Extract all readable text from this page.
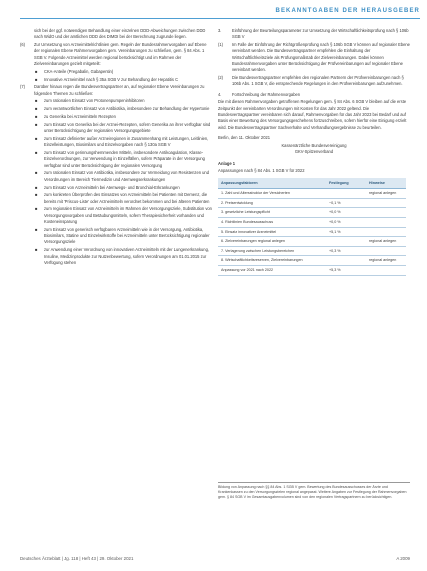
BEKANNTGABEN DER HERAUSGEBER

sich bei der ggf. notwendigen Behandlung einer einzelnen DDD-Abweichungen zwischen DDD nach WidO und der amtlichen DDD des DIMDI bei der Berechnung zugrunde liegen.

(6)	Zur Umsetzung von Arzneimittelrichtlinien gem. Regeln der Bundesrahmenvorgaben auf Ebene der regionalen Ebene Rahmenvorgaben gem. Vereinbarungen zu schließen, gem. § 84 Abs. 1 SGB V. Folgende Arzneimittel werden regional berücksichtigt und im Rahmen der Zielvereinbarungen gezielt mitgeteilt:
■ CKA-Anteile (Pregabalin, Gabapentin)
■ Innovative Arzneimittel nach § 35a SGB V zur Behandlung der Hepatitis C
(7)	Darüber hinaus regen die Bundesvertragspartner an, auf regionaler Ebene Vereinbarungen zu folgenden Themen zu schließen:
■ zum rationalen Einsatz von Protonenpumpeninhibitoren
■ zum verantwortlichen Einsatz von Antibiotika, insbesondere zur Behandlung der Hypertonie
■ zu Generika bei Arzneimitteln Rezepten
■ zum Einsatz von Generika bei der Arznei-Rezepten, sofern Generika an ihrer verfügbar sind unter Berücksichtigung der regionalen Versorgungsgebiete
■ zum Einsatz definierter außer Arzneiregionen in Zusammenhang mit Leistungen, Leitlinien, Einzelleistungen, Biosimilars und Einzelvorgaben nach § 130a SGB V
■ zum Einsatz von gerinnungshemmenden Mitteln, insbesondere Antikoagulation, Klasse-Einzelverordnungen, zur Verwendung in Einzelfällen, sofern Präparate in der Versorgung verfügbar sind unter Berücksichtigung der regionalen Versorgung
■ zum rationalen Einsatz von Antibiotika, insbesondere zur Vermeidung von Resistenzen und Verordnungen im Bereich Tiermedizin und Atemwegserkrankungen
■ zum Einsatz von Arzneimitteln bei Atemwegs- und Bronchial-Erkrankungen
■ zum konkreten Überprüfen des Einsatzes von Arzneimitteln bei Patienten mit Demenz, die bereits mit 'Priscus-Liste' oder Arzneimitteln verordnet bekommen und bei älteren Patienten
■ zum regionalen Einsatz von Arzneimitteln im Rahmen der Versorgungsziele, Substitution von Versorgungsvorgaben und Betäubungsmitteln, sofern Therapiesicherheit vorhanden und Kosteneinsparung
■ zum Einsatz von generisch verfügbaren Arzneimitteln wie in der Versorgung, Antibiotika, Biosimilars, Statine und Einzelwirkstoffe bei Arzneimitteln unter Berücksichtigung regionaler Versorgungsziele
■ zur Anwendung einer Verordnung von innovativen Arzneimitteln mit der Lungenerkrankung, Insuline, Medizinprodukte zur Nutzenbewertung, sofern Verordnungen am 01.01.2015 zur Verfügung stehen
3.	Einführung der Beurteilungsparameter zur Umsetzung der Wirtschaftlichkeitsprüfung nach § 106b SGB V
(1)	Im Falle der Einführung der Richtgrößenprüfung nach § 106b SGB V können auf regionaler Ebene vereinbart werden. Die Bundesvertragspartner empfehlen die Einhaltung der Wirtschaftlichkeitsziele als Prüfungsmaßstab der Zielvereinbarungen. Dabei können Bundesrahmenvorgaben unter Berücksichtigung der Prüfvereinbarungen auf regionaler Ebene vereinbart werden.
(2)	Die Bundesvertragspartner empfehlen den regionalen Partnern der Prüfvereinbarungen nach § 106b Abs. 1 SGB V, die entsprechende Regelungen in den Prüfvereinbarungen aufzunehmen.
4.	Fortschreibung der Rahmenvorgaben

Die mit diesen Rahmenvorgaben getroffenen Regelungen gem. § 84 Abs. 6 SGB V bleiben auf die erste Zeitpunkt der vereinbarten Verordnungen mit Kosten für das Jahr 2022 geltend. Die Bundesvertragspartner vereinbaren sich darauf, Rahmenvorgaben für das Jahr 2023 bei Bedarf und auf Basis einer Bewertung des Versorgungsgeschehens fortzuschreiben, sofern hierfür eine Einigung erzielt wird. Die Bundesvertragspartner Sachverhalte und Verhandlungsergebnisse zu beurteilen.

Berlin, den 11. Oktober 2021

Kassenärztliche Bundesvereinigung
GKV-Spitzenverband
Anlage 1
Anpassungen nach § 84 Abs. 1 SGB V für 2022
Anpassungsfaktoren	Festlegung	Hinweise
1. Zahl und Altersstruktur der Versicherten		regional anlegen
2. Preisentwicklung	−0,1 %	
3. gesetzliche Leistungspflicht	+0,0 %	
4. Richtlinien Bundesausschuss	+0,0 %	
5. Einsatz innovativer Arzneimittel	+5,1 %	
6. Zielvereinbarungen regional anlegen		regional anlegen
7. Verlagerung zwischen Leistungsbereichen	+0,3 %	
8. Wirtschaftlichkeitsreserven, Zielvereinbarungen		regional anlegen
Anpassung vor 2021 nach 2022	+5,3 %	
Bildung von Anpassung nach §§ 84 Abs. 1 SGB V gem. Bewertung des Bundesausschusses der Ärzte und Krankenkassen zu den Versorgungszielen regional angepasst. Weitere Angaben zur Festlegung der Rahmenvorgaben gem. § 84 SGB V im Gesamtausgabenvolumen sind von den regionalen Vertragspartnern zu berücksichtigen.
Deutsches Ärzteblatt | Jg. 118 | Heft 43 | 29. Oktober 2021	A 2009
